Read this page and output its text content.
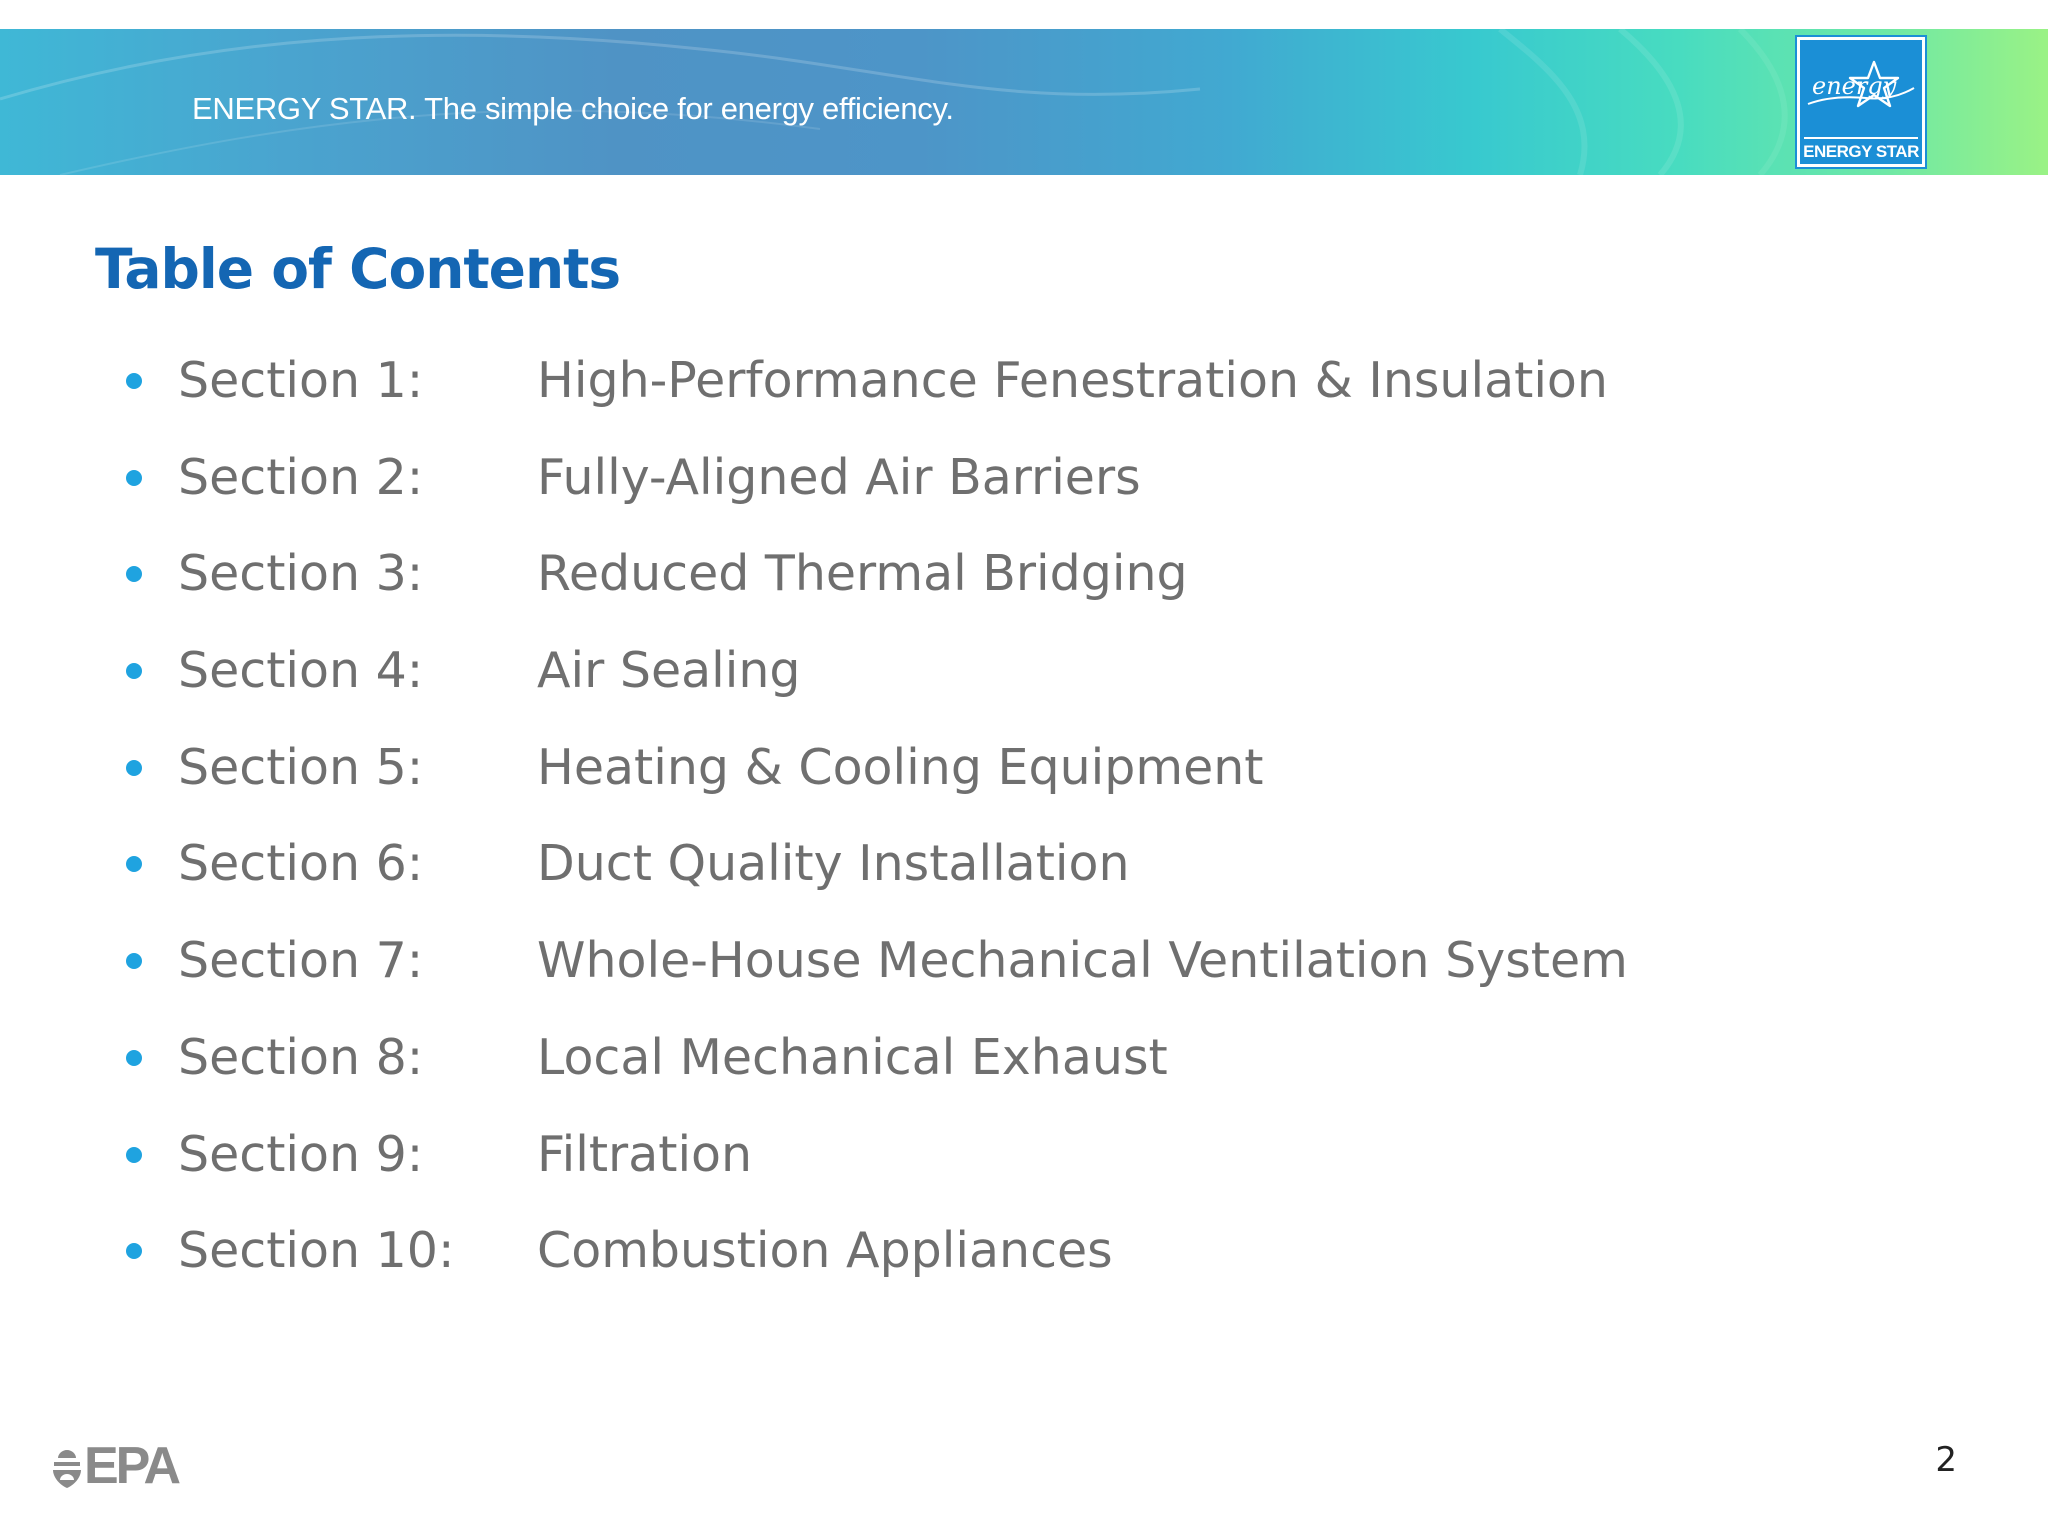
ENERGY STAR. The simple choice for energy efficiency.
energy
ENERGY STAR
Table of Contents
Section 1: High-Performance Fenestration & Insulation
Section 2: Fully-Aligned Air Barriers
Section 3: Reduced Thermal Bridging
Section 4: Air Sealing
Section 5: Heating & Cooling Equipment
Section 6: Duct Quality Installation
Section 7: Whole-House Mechanical Ventilation System
Section 8: Local Mechanical Exhaust
Section 9: Filtration
Section 10: Combustion Appliances
EPA	2
